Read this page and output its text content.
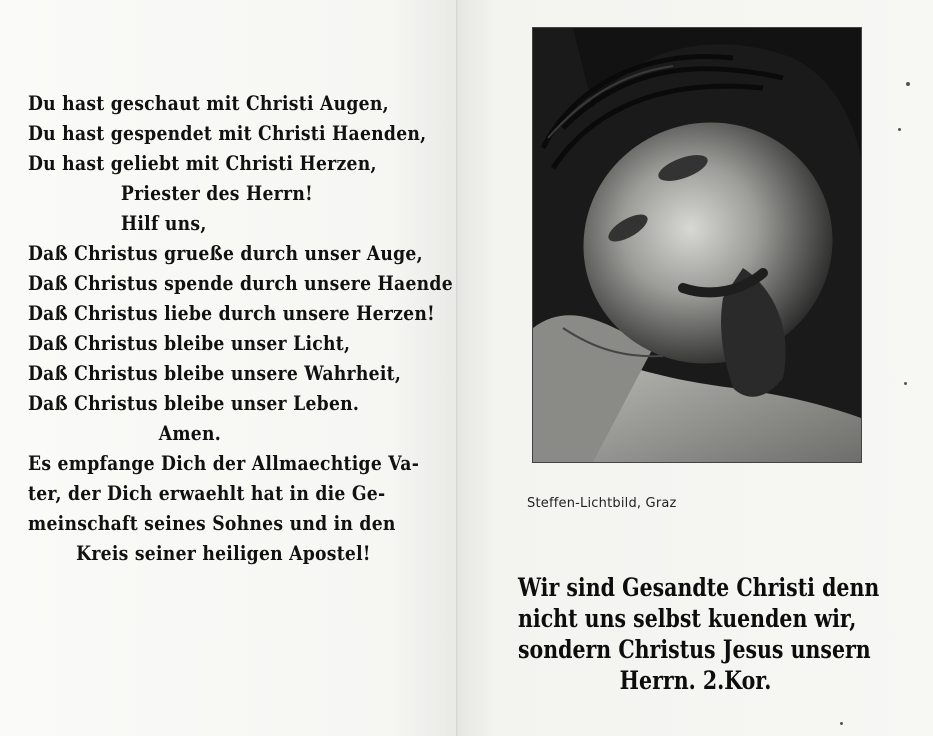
Du hast geschaut mit Christi Augen,
Du hast gespendet mit Christi Haenden,
Du hast geliebt mit Christi Herzen,
Priester des Herrn!
Hilf uns,
Daß Christus grueße durch unser Auge,
Daß Christus spende durch unsere Haende
Daß Christus liebe durch unsere Herzen!
Daß Christus bleibe unser Licht,
Daß Christus bleibe unsere Wahrheit,
Daß Christus bleibe unser Leben.
Amen.
Es empfange Dich der Allmaechtige Va-
ter, der Dich erwaehlt hat in die Ge-
meinschaft seines Sohnes und in den
Kreis seiner heiligen Apostel!
Steffen-Lichtbild, Graz
Wir sind Gesandte Christi denn
nicht uns selbst kuenden wir,
sondern Christus Jesus unsern
Herrn. 2.Kor.
